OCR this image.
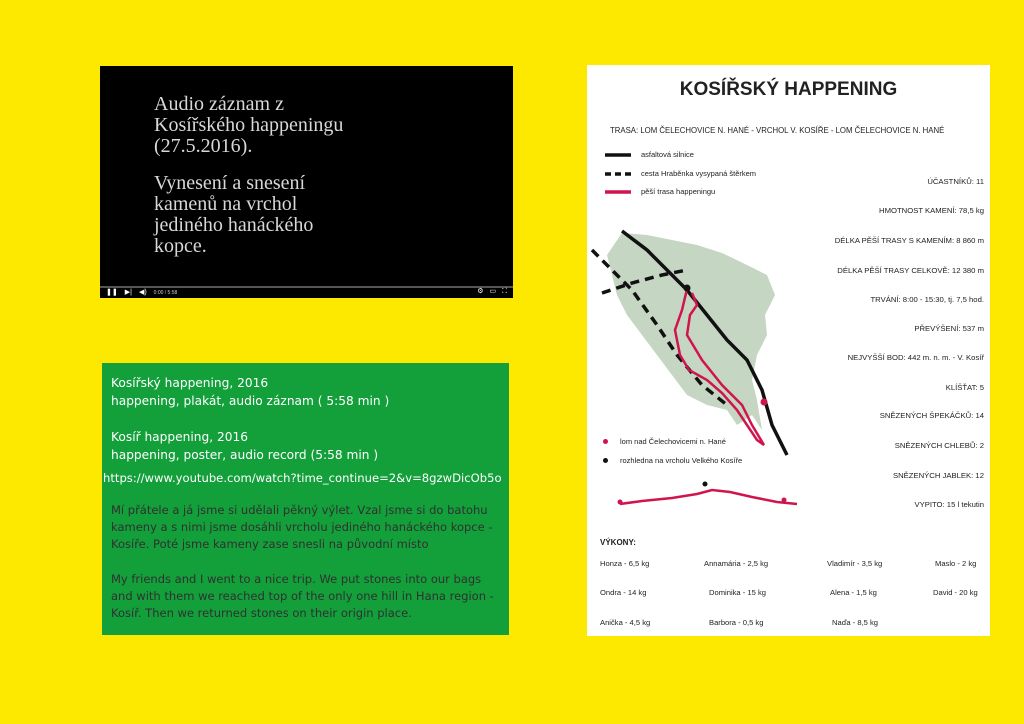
Audio záznam z
Kosířského happeningu
(27.5.2016).

Vynesení a snesení
kamenů na vrchol
jediného hanáckého
kopce.

❚❚ ▶| ◀) 0:00 / 5:58	⚙ ▭ ⛶
Kosířský happening, 2016
happening, plakát, audio záznam ( 5:58 min )
Kosíř happening, 2016
happening, poster, audio record (5:58 min )
https://www.youtube.com/watch?time_continue=2&v=8gzwDicOb5o
Mí přátele a já jsme si udělali pěkný výlet. Vzal jsme si do batohu kameny a s nimi jsme dosáhli vrcholu jediného hanáckého kopce - Kosíře. Poté jsme kameny zase snesli na původní místo
My friends and I went to a nice trip. We put stones into our bags and with them we reached top of the only one hill in Hana region - Kosíř. Then we returned stones on their origin place.
KOSÍŘSKÝ HAPPENING
TRASA: LOM ČELECHOVICE N. HANÉ - VRCHOL V. KOSÍŘE - LOM ČELECHOVICE N. HANÉ
asfaltová silnice
cesta Hraběnka vysypaná štěrkem
pěší trasa happeningu
lom nad Čelechovicemi n. Hané
rozhledna na vrcholu Velkého Kosíře
ÚČASTNÍKŮ: 11
HMOTNOST KAMENÍ: 78,5 kg
DÉLKA PĚŠÍ TRASY S KAMENÍM: 8 860 m
DÉLKA PĚŠÍ TRASY CELKOVĚ: 12 380 m
TRVÁNÍ: 8:00 - 15:30, tj. 7,5 hod.
PŘEVÝŠENÍ: 537 m
NEJVYŠŠÍ BOD: 442 m. n. m. - V. Kosíř
KLÍŠŤAT: 5
SNĚZENÝCH ŠPEKÁČKŮ: 14
SNĚZENÝCH CHLEBŮ: 2
SNĚZENÝCH JABLEK: 12
VYPITO: 15 l tekutin
VÝKONY:
Honza - 6,5 kg	Annamária - 2,5 kg	Vladimír - 3,5 kg	Maslo - 2 kg
Ondra - 14 kg	Dominika - 15 kg	Alena - 1,5 kg	David - 20 kg
Anička - 4,5 kg	Barbora - 0,5 kg	Naďa - 8,5 kg
